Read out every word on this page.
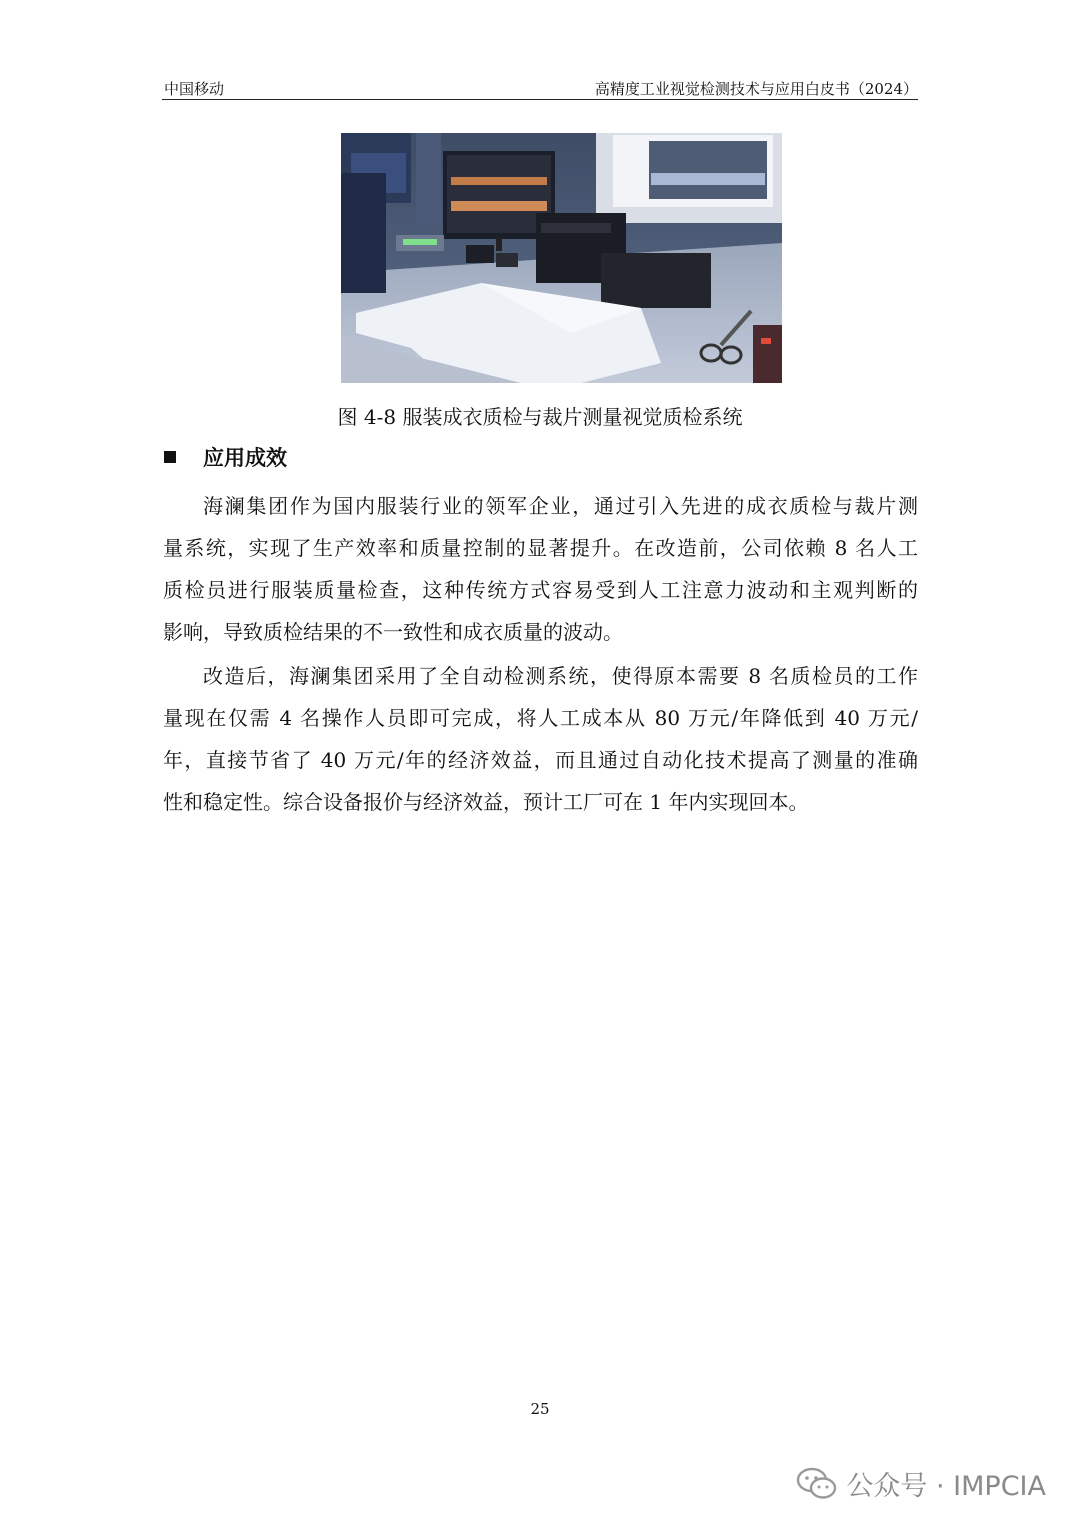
中国移动	高精度工业视觉检测技术与应用白皮书（2024）
图 4-8 服装成衣质检与裁片测量视觉质检系统
应用成效
海澜集团作为国内服装行业的领军企业，通过引入先进的成衣质检与裁片测
量系统，实现了生产效率和质量控制的显著提升。在改造前，公司依赖 8 名人工
质检员进行服装质量检查，这种传统方式容易受到人工注意力波动和主观判断的
影响，导致质检结果的不一致性和成衣质量的波动。
改造后，海澜集团采用了全自动检测系统，使得原本需要 8 名质检员的工作
量现在仅需 4 名操作人员即可完成，将人工成本从 80 万元/年降低到 40 万元/
年，直接节省了 40 万元/年的经济效益，而且通过自动化技术提高了测量的准确
性和稳定性。综合设备报价与经济效益，预计工厂可在 1 年内实现回本。
25
公众号 · IMPCIA
